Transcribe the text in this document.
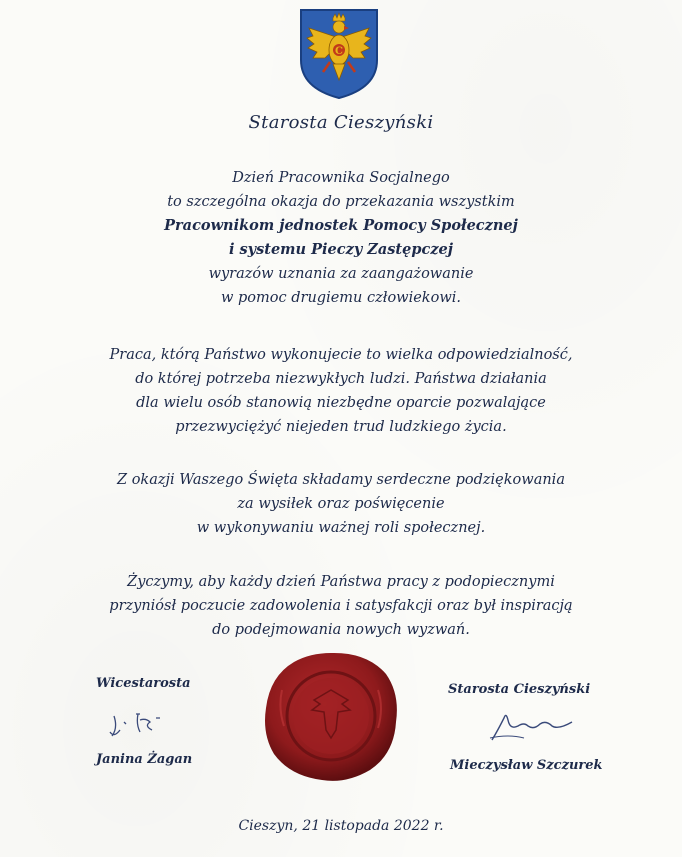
C
Starosta Cieszyński
Dzień Pracownika Socjalnego
to szczególna okazja do przekazania wszystkim
Pracownikom jednostek Pomocy Społecznej
i systemu Pieczy Zastępczej
wyrazów uznania za zaangażowanie
w pomoc drugiemu człowiekowi.
Praca, którą Państwo wykonujecie to wielka odpowiedzialność,
do której potrzeba niezwykłych ludzi. Państwa działania
dla wielu osób stanowią niezbędne oparcie pozwalające
przezwyciężyć niejeden trud ludzkiego życia.
Z okazji Waszego Święta składamy serdeczne podziękowania
za wysiłek oraz poświęcenie
w wykonywaniu ważnej roli społecznej.
Życzymy, aby każdy dzień Państwa pracy z podopiecznymi
przyniósł poczucie zadowolenia i satysfakcji oraz był inspiracją
do podejmowania nowych wyzwań.
Wicestarosta
Janina Żagan
Starosta Cieszyński
Mieczysław Szczurek
Cieszyn, 21 listopada 2022 r.
